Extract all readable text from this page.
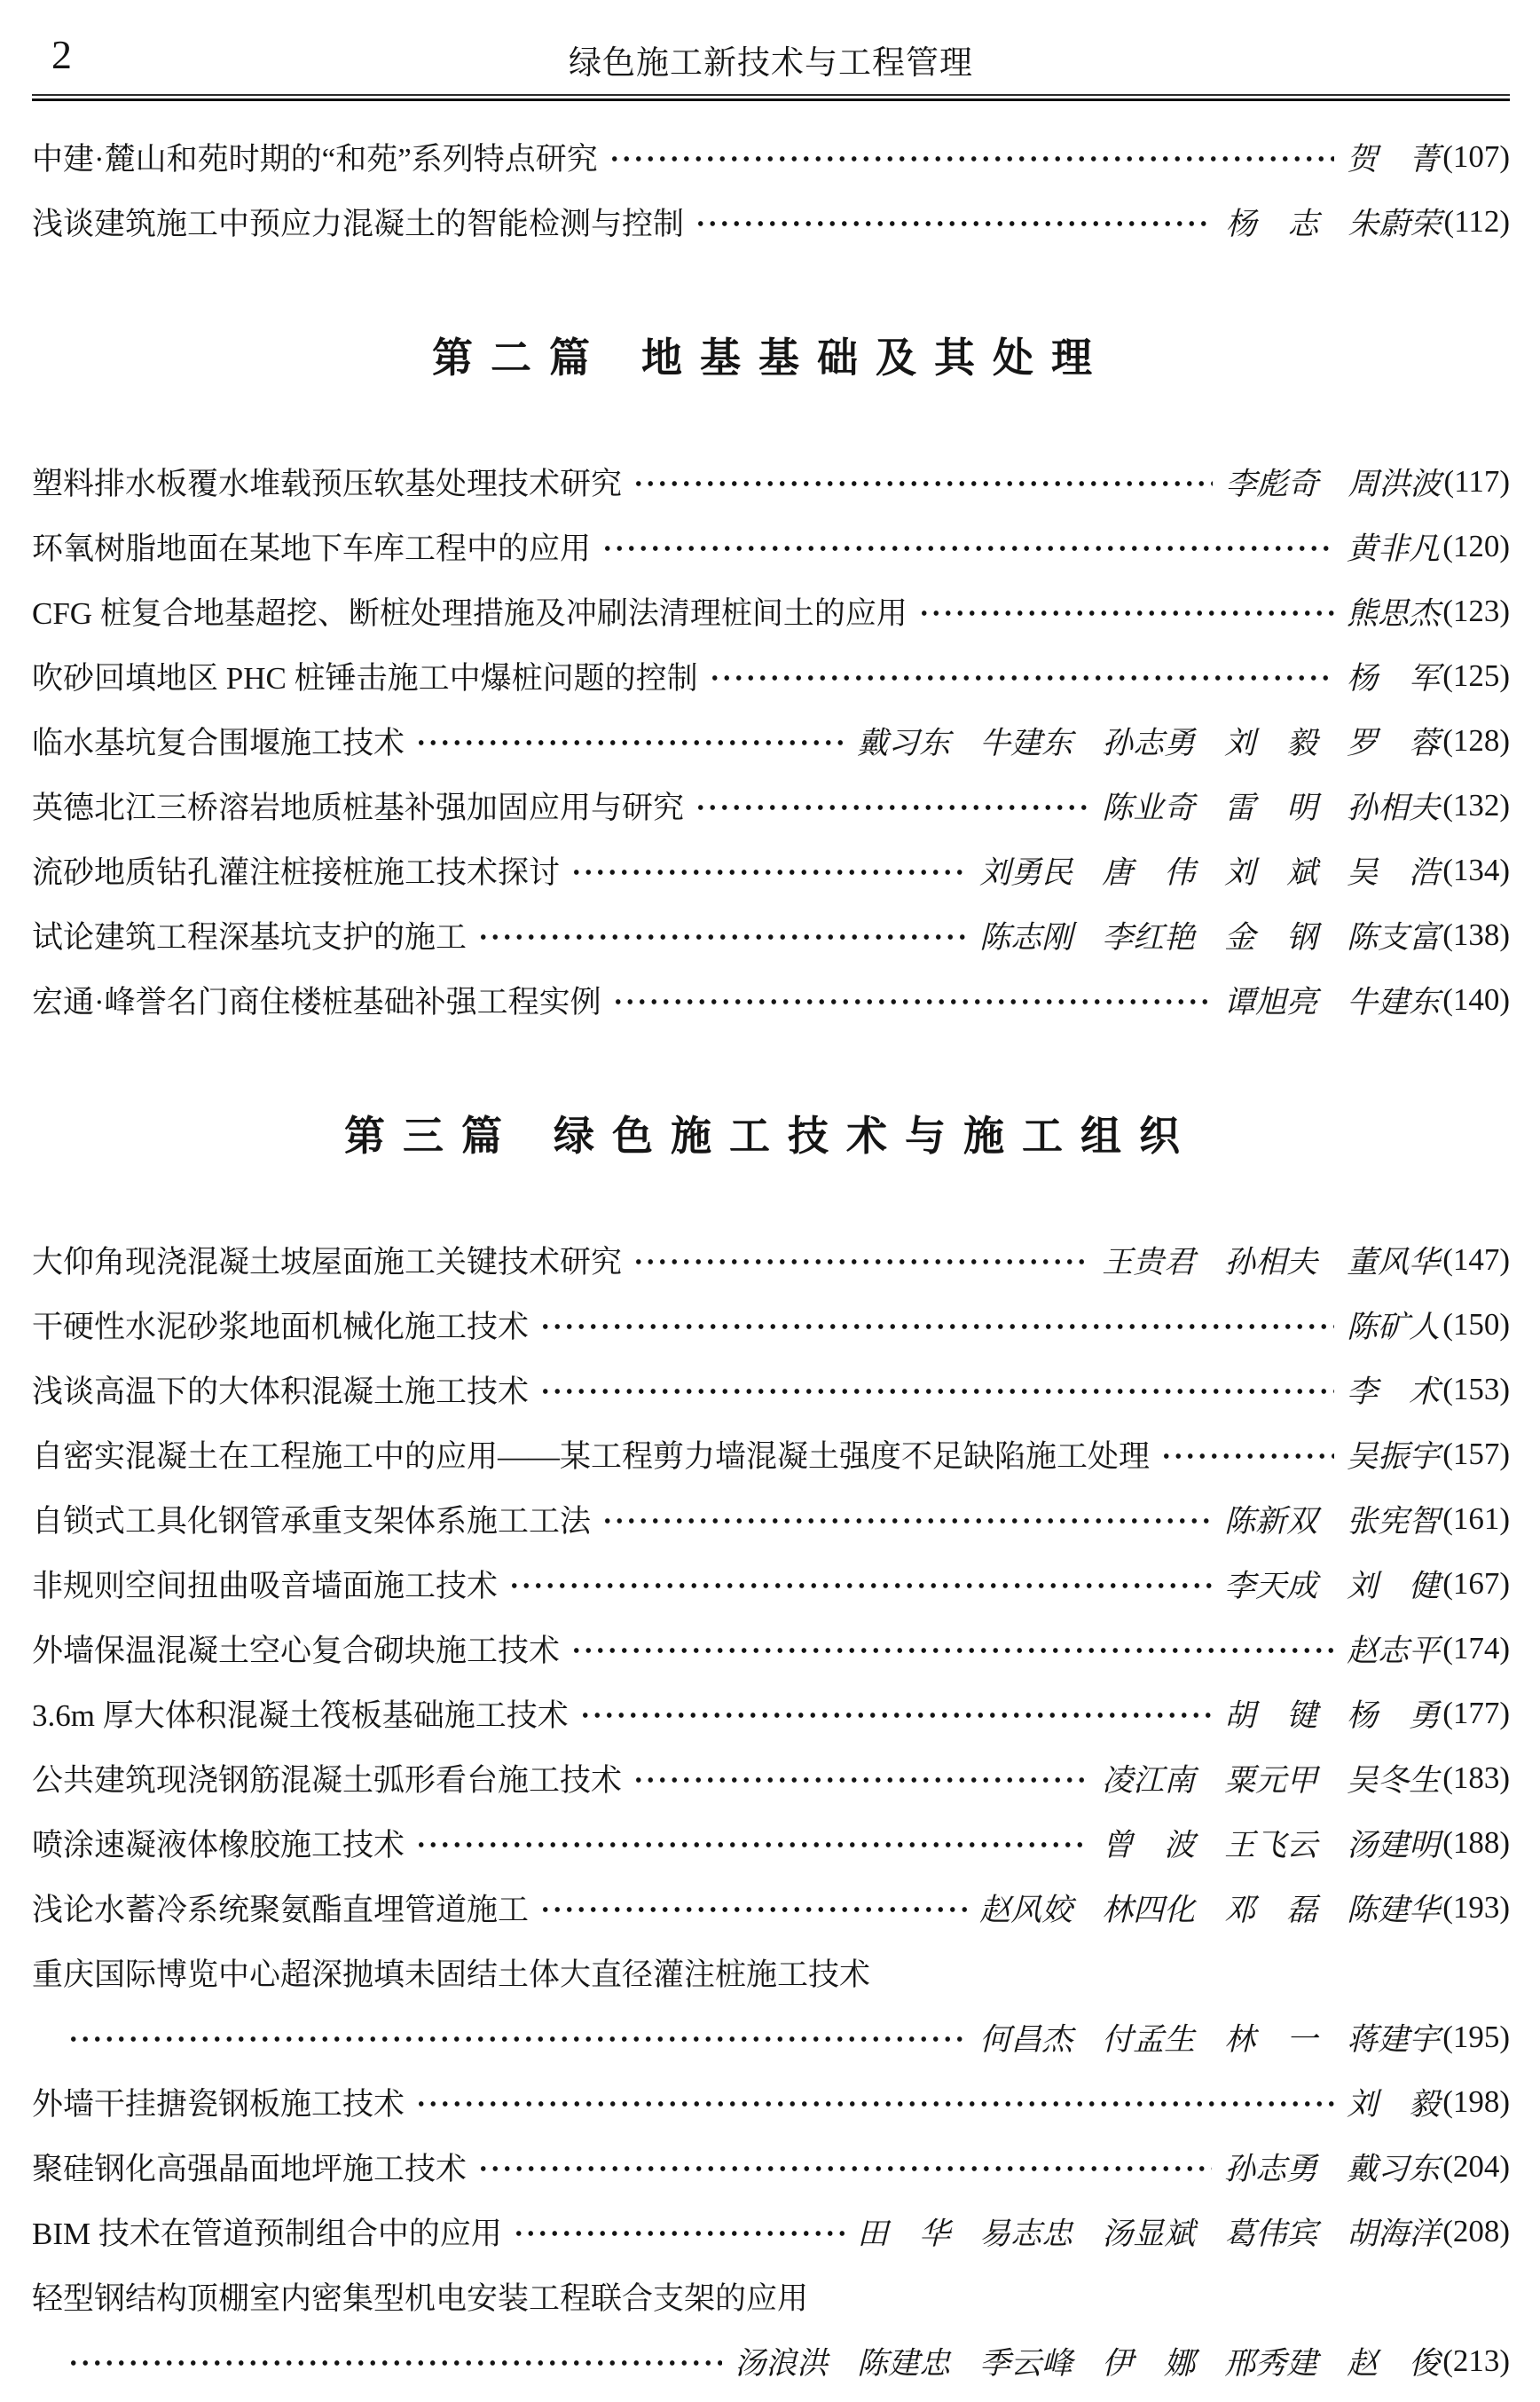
2	绿色施工新技术与工程管理
中建·麓山和苑时期的“和苑”系列特点研究	贺　菁 (107)
浅谈建筑施工中预应力混凝土的智能检测与控制	杨　志 朱蔚荣 (112)
第二篇 地基基础及其处理
塑料排水板覆水堆载预压软基处理技术研究	李彪奇 周洪波 (117)
环氧树脂地面在某地下车库工程中的应用	黄非凡 (120)
CFG 桩复合地基超挖、断桩处理措施及冲刷法清理桩间土的应用	熊思杰 (123)
吹砂回填地区 PHC 桩锤击施工中爆桩问题的控制	杨　军 (125)
临水基坑复合围堰施工技术	戴习东 牛建东 孙志勇 刘　毅 罗　蓉 (128)
英德北江三桥溶岩地质桩基补强加固应用与研究	陈业奇 雷　明 孙相夫 (132)
流砂地质钻孔灌注桩接桩施工技术探讨	刘勇民 唐　伟 刘　斌 吴　浩 (134)
试论建筑工程深基坑支护的施工	陈志刚 李红艳 金　钢 陈支富 (138)
宏通·峰誉名门商住楼桩基础补强工程实例	谭旭亮 牛建东 (140)
第三篇 绿色施工技术与施工组织
大仰角现浇混凝土坡屋面施工关键技术研究	王贵君 孙相夫 董风华 (147)
干硬性水泥砂浆地面机械化施工技术	陈矿人 (150)
浅谈高温下的大体积混凝土施工技术	李　术 (153)
自密实混凝土在工程施工中的应用——某工程剪力墙混凝土强度不足缺陷施工处理	吴振宇 (157)
自锁式工具化钢管承重支架体系施工工法	陈新双 张宪智 (161)
非规则空间扭曲吸音墙面施工技术	李天成 刘　健 (167)
外墙保温混凝土空心复合砌块施工技术	赵志平 (174)
3.6m 厚大体积混凝土筏板基础施工技术	胡　键 杨　勇 (177)
公共建筑现浇钢筋混凝土弧形看台施工技术	凌江南 粟元甲 吴冬生 (183)
喷涂速凝液体橡胶施工技术	曾　波 王飞云 汤建明 (188)
浅论水蓄冷系统聚氨酯直埋管道施工	赵风姣 林四化 邓　磊 陈建华 (193)
重庆国际博览中心超深抛填未固结土体大直径灌注桩施工技术
何昌杰 付孟生 林　一 蒋建宇 (195)
外墙干挂搪瓷钢板施工技术	刘　毅 (198)
聚硅钢化高强晶面地坪施工技术	孙志勇 戴习东 (204)
BIM 技术在管道预制组合中的应用	田　华 易志忠 汤显斌 葛伟宾 胡海洋 (208)
轻型钢结构顶棚室内密集型机电安装工程联合支架的应用
汤浪洪 陈建忠 季云峰 伊　娜 邢秀建 赵　俊 (213)
